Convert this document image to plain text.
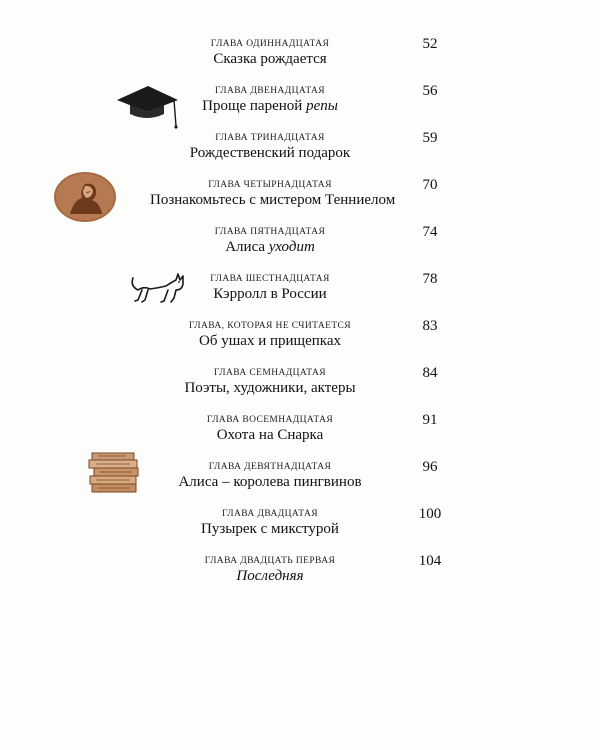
ГЛАВА ОДИННАДЦАТАЯ
Сказка рождается
52
ГЛАВА ДВЕНАДЦАТАЯ
Проще пареной репы
56
ГЛАВА ТРИНАДЦАТАЯ
Рождественский подарок
59
ГЛАВА ЧЕТЫРНАДЦАТАЯ
Познакомьтесь с мистером Тенниелом
70
ГЛАВА ПЯТНАДЦАТАЯ
Алиса уходит
74
ГЛАВА ШЕСТНАДЦАТАЯ
Кэрролл в России
78
ГЛАВА, КОТОРАЯ НЕ СЧИТАЕТСЯ
Об ушах и прищепках
83
ГЛАВА СЕМНАДЦАТАЯ
Поэты, художники, актеры
84
ГЛАВА ВОСЕМНАДЦАТАЯ
Охота на Снарка
91
ГЛАВА ДЕВЯТНАДЦАТАЯ
Алиса – королева пингвинов
96
ГЛАВА ДВАДЦАТАЯ
Пузырек с микстурой
100
ГЛАВА ДВАДЦАТЬ ПЕРВАЯ
Последняя
104
